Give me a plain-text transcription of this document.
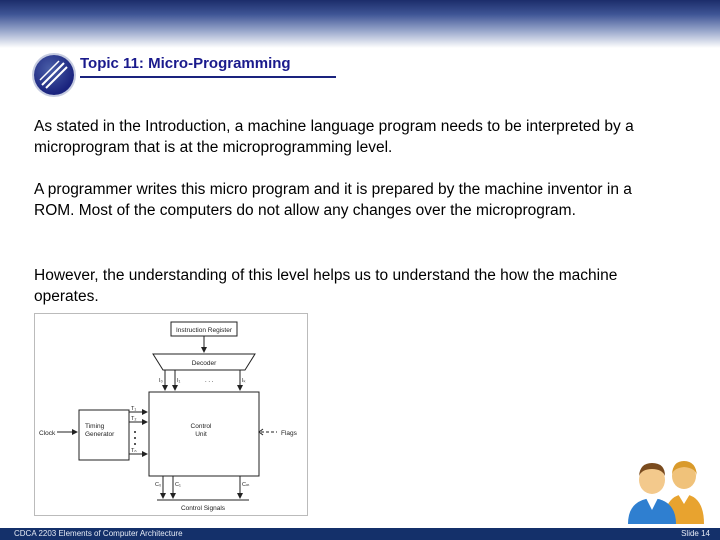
Topic 11: Micro-Programming

As stated in the Introduction, a machine language program needs to be interpreted by a microprogram that is at the microprogramming level.

A programmer writes this micro program and it is prepared by the machine inventor in a ROM. Most of the computers do not allow any changes over the microprogram.

However, the understanding of this level helps us to understand the how the machine operates.

Instruction Register
Decoder
I₀	I₁	Iₖ
. . .
Control
Unit
Timing
Generator
Clock
T₁
T₂
Tₙ
Flags
C₀ C₁	Cₘ
Control Signals
CDCA 2203 Elements of Computer Architecture	Slide 14
